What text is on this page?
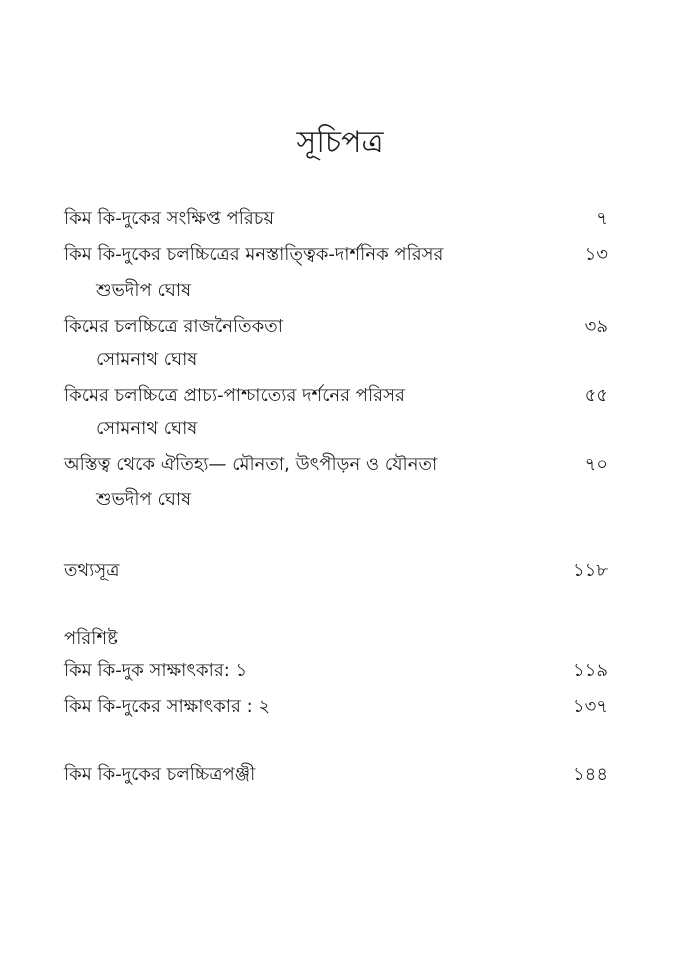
সূচিপত্র
কিম কি-দুকের সংক্ষিপ্ত পরিচয়	৭
কিম কি-দুকের চলচ্চিত্রের মনস্তাত্ত্বিক-দার্শনিক পরিসর	১৩
শুভদীপ ঘোষ
কিমের চলচ্চিত্রে রাজনৈতিকতা	৩৯
সোমনাথ ঘোষ
কিমের চলচ্চিত্রে প্রাচ্য-পাশ্চাত্যের দর্শনের পরিসর	৫৫
সোমনাথ ঘোষ
অস্তিত্ব থেকে ঐতিহ্য— মৌনতা, উৎপীড়ন ও যৌনতা	৭০
শুভদীপ ঘোষ
তথ্যসূত্র	১১৮
পরিশিষ্ট
কিম কি-দুক সাক্ষাৎকার: ১	১১৯
কিম কি-দুকের সাক্ষাৎকার : ২	১৩৭
কিম কি-দুকের চলচ্চিত্রপঞ্জী	১৪৪
